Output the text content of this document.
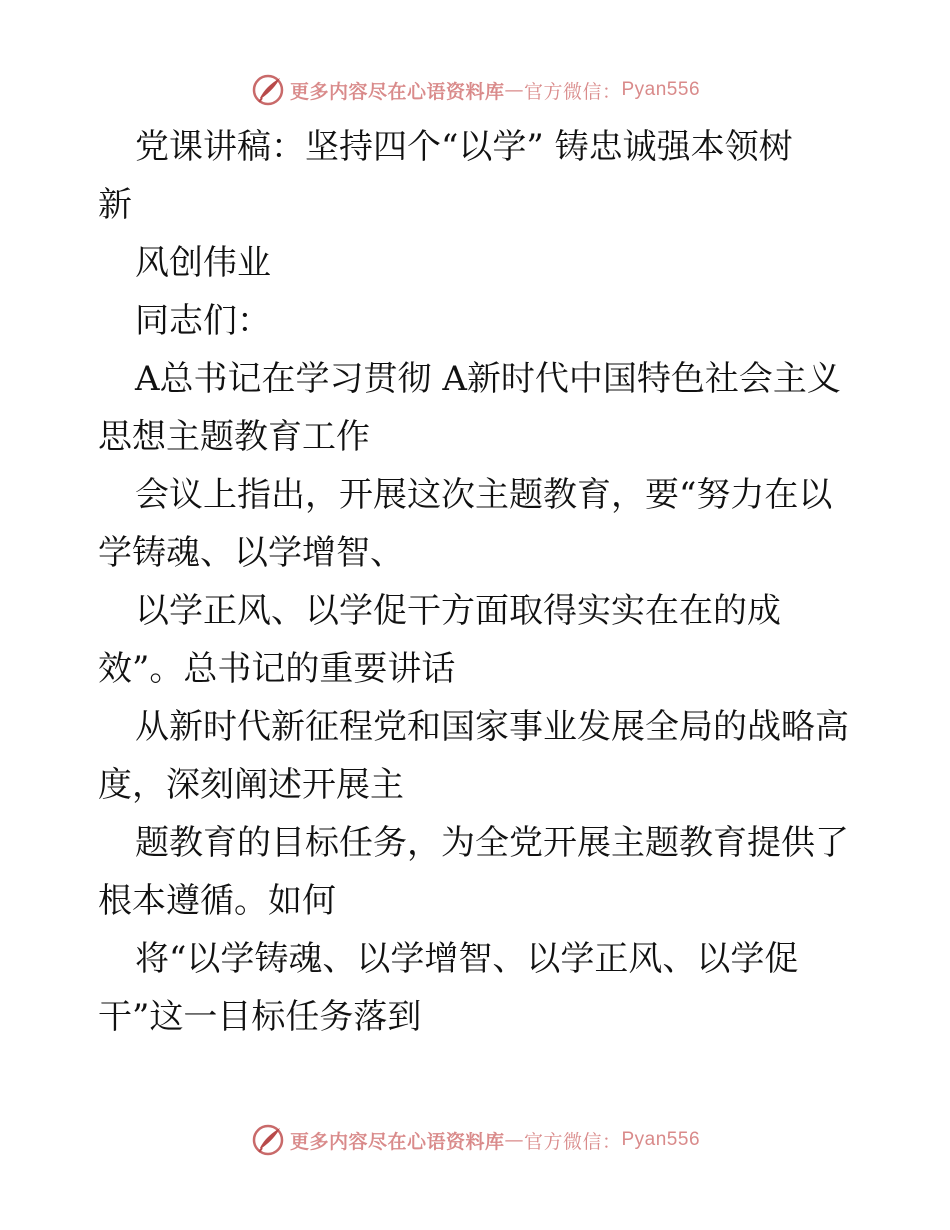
更多内容尽在心语资料库 — 官方微信： Pyan556

党课讲稿：坚持四个“以学” 铸忠诚强本领树

新

风创伟业

同志们：

A总书记在学习贯彻 A新时代中国特色社会主义

思想主题教育工作

会议上指出，开展这次主题教育，要“努力在以

学铸魂、以学增智、

以学正风、以学促干方面取得实实在在的成

效”。总书记的重要讲话

从新时代新征程党和国家事业发展全局的战略高

度，深刻阐述开展主

题教育的目标任务，为全党开展主题教育提供了

根本遵循。如何

将“以学铸魂、以学增智、以学正风、以学促

干”这一目标任务落到

更多内容尽在心语资料库 — 官方微信： Pyan556
